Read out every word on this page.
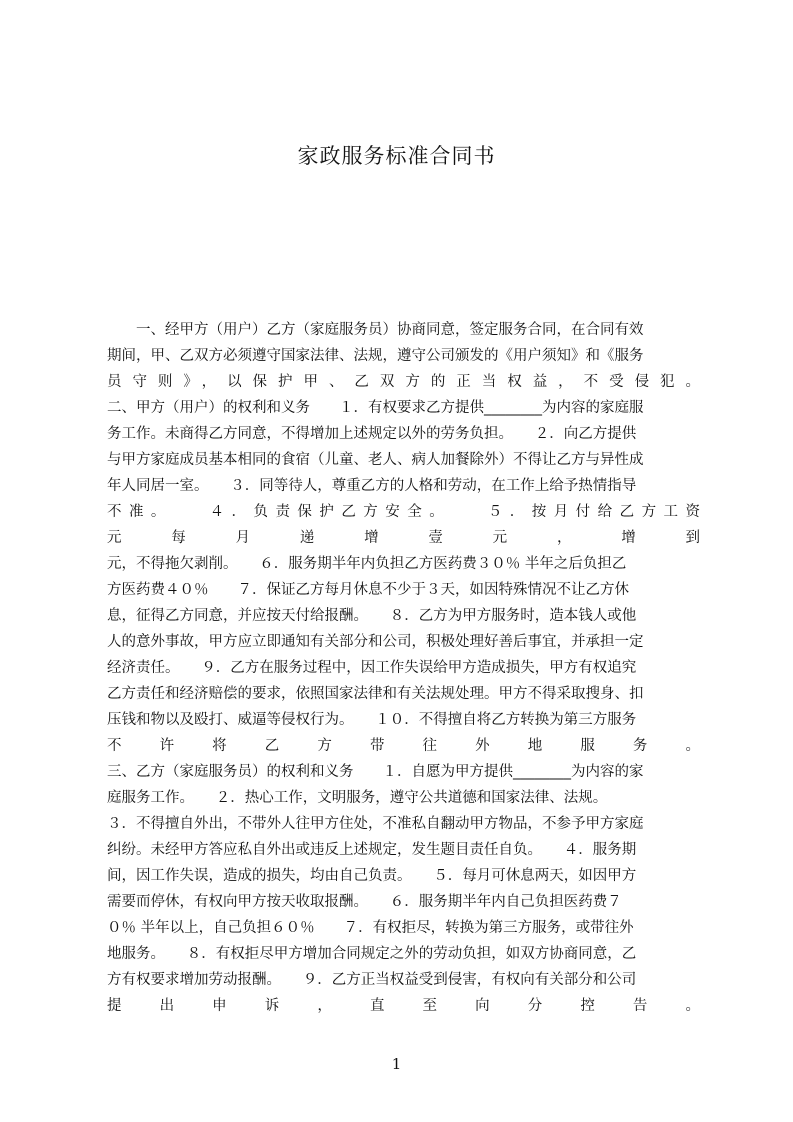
家政服务标准合同书
　　一、经甲方（用户）乙方（家庭服务员）协商同意，签定服务合同，在合同有效
期间，甲、乙双方必须遵守国家法律、法规，遵守公司颁发的《用户须知》和《服务
员守则》，以保护甲、乙双方的正当权益，不受侵犯。
二、甲方（用户）的权利和义务　　１．有权要求乙方提供________为内容的家庭服
务工作。未商得乙方同意，不得增加上述规定以外的劳务负担。　　２．向乙方提供
与甲方家庭成员基本相同的食宿（儿童、老人、病人加餐除外）不得让乙方与异性成
年人同居一室。　　３．同等待人，尊重乙方的人格和劳动，在工作上给予热情指导
不准。　　４．负责保护乙方安全。　　５．按月付给乙方工资
元 每 月 递 增 壹 元 ， 增 到
元，不得拖欠剥削。　　６．服务期半年内负担乙方医药费３０％ 半年之后负担乙
方医药费４０％　　７．保证乙方每月休息不少于３天，如因特殊情况不让乙方休
息，征得乙方同意，并应按天付给报酬。　　８．乙方为甲方服务时，造本钱人或他
人的意外事故，甲方应立即通知有关部分和公司，积极处理好善后事宜，并承担一定
经济责任。　　９．乙方在服务过程中，因工作失误给甲方造成损失，甲方有权追究
乙方责任和经济赔偿的要求，依照国家法律和有关法规处理。甲方不得采取搜身、扣
压钱和物以及殴打、威逼等侵权行为。　　１０．不得擅自将乙方转换为第三方服务
不 许 将 乙 方 带 往 外 地 服 务 。
三、乙方（家庭服务员）的权利和义务　　１．自愿为甲方提供________为内容的家
庭服务工作。　　２．热心工作，文明服务，遵守公共道德和国家法律、法规。
３．不得擅自外出，不带外人往甲方住处，不准私自翻动甲方物品，不参予甲方家庭
纠纷。未经甲方答应私自外出或违反上述规定，发生题目责任自负。　　４．服务期
间，因工作失误，造成的损失，均由自己负责。　　５．每月可休息两天，如因甲方
需要而停休，有权向甲方按天收取报酬。　　６．服务期半年内自己负担医药费７
０％ 半年以上，自己负担６０％　　７．有权拒尽，转换为第三方服务，或带往外
地服务。　　８．有权拒尽甲方增加合同规定之外的劳动负担，如双方协商同意，乙
方有权要求增加劳动报酬。　　９．乙方正当权益受到侵害，有权向有关部分和公司
提 出 申 诉 ， 直 至 向 分 控 告 。
1
